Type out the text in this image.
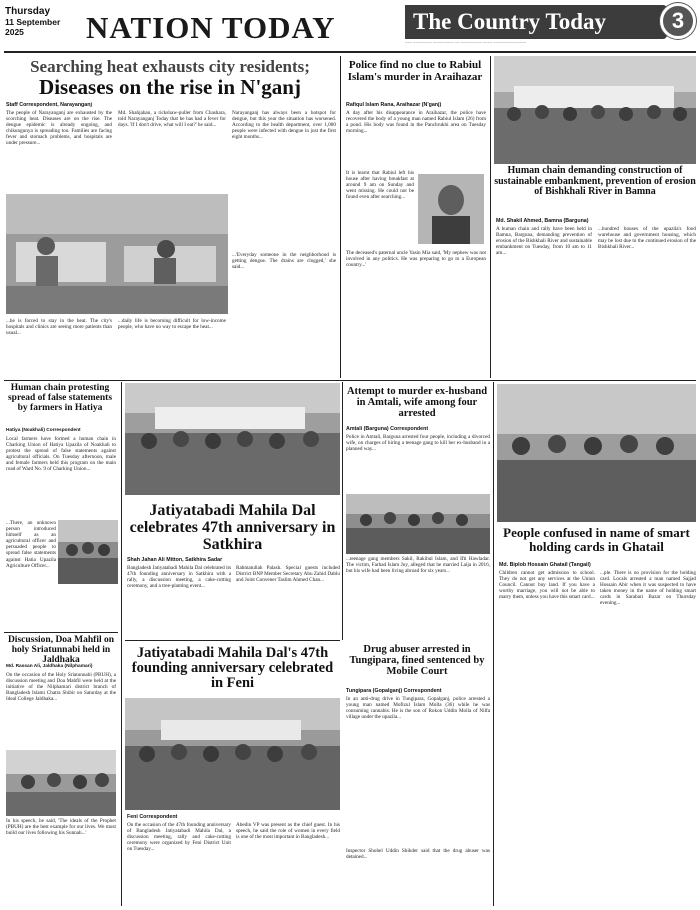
Thursday
11 September
2025	NATION TODAY	The Country Today	3
~~~ ~~~~~~~~ ~~~~~~~~~ ~~ ~~~~~~~~~ ~~~~ ~~~~~~~~~~~~~~
Searching heat exhausts city residents;
Diseases on the rise in N'ganj
Staff Correspondent, Narayanganj
The people of Narayanganj are exhausted by the scorching heat. Diseases are on the rise. The dengue epidemic is already ongoing, and chikungunya is spreading too. Families are facing fever and stomach problems, and hospitals are under pressure...
...he is forced to stay in the heat. The city's hospitals and clinics are seeing more patients than usual...
Md. Shahjahan, a rickshaw-puller from Chashara, told Narayanganj Today that he has had a fever for days. 'If I don't drive, what will I eat?' he said...
...daily life is becoming difficult for low-income people, who have no way to escape the heat...
Narayanganj has always been a hotspot for dengue, but this year the situation has worsened. According to the health department, over 1,000 people were infected with dengue in just the first eight months...
...'Everyday someone in the neighborhood is getting dengue. The drains are clogged,' she said...
Police find no clue to Rabiul Islam's murder in Araihazar
Rafiqul Islam Rana, Araihazar (N'ganj)
A day after his disappearance in Araihazar, the police have recovered the body of a young man named Rabiul Islam (26) from a pond. His body was found in the Panchrukhi area on Tuesday morning...
It is learnt that Rabiul left his house after having breakfast at around 9 am on Sunday and went missing. He could not be found even after searching...
The deceased's paternal uncle Yasin Mia said, 'My nephew was not involved in any politics. He was preparing to go to a European country...'
Human chain demanding construction of sustainable embankment, prevention of erosion of Bishkhali River in Bamna
Md. Shakil Ahmed, Bamna (Barguna)
A human chain and rally have been held in Bamna, Barguna, demanding prevention of erosion of the Bishkhali River and sustainable embankment on Tuesday, from 10 am to 11 am...
...hundred houses of the upazila's food warehouse and government housing, which may be lost due to the continued erosion of the Bishkhali River...
Human chain protesting spread of false statements by farmers in Hatiya
Hatiya (Noakhali) Correspondent
Local farmers have formed a human chain in Charking Union of Hatiya Upazila of Noakhali to protest the spread of false statements against agricultural officials. On Tuesday afternoon, male and female farmers held this program on the main road of Ward No. 9 of Charking Union...
...There, an unknown person introduced himself as an agricultural officer and persuaded people to spread false statements against Hatia Upazila Agriculture Officer...
Discussion, Doa Mahfil on holy Sriatunnabi held in Jaldhaka
Md. Rassan Ali, Jaldhaka (Nilphamari)
On the occasion of the Holy Sriatunnabi (PBUH), a discussion meeting and Doa Mahfil were held at the initiative of the Nilphamari district branch of Bangladesh Islami Chatra Shibir on Saturday at the Ideal College Jaldhaka...
In his speech, he said, 'The ideals of the Prophet (PBUH) are the best example for our lives. We must build our lives following his Sunnah...'
Jatiyatabadi Mahila Dal celebrates 47th anniversary in Satkhira
Shah Jahan Ali Mitton, Satkhira Sadar
Bangladesh Jatiyatabadi Mahila Dal celebrated its 47th founding anniversary in Satkhira with a rally, a discussion meeting, a cake-cutting ceremony, and a tree-planting event...
Rahmatullah Palash. Special guests included District BNP Member Secretary Abu Zahid Dablu and Joint Convener Taslim Ahmed Chan...
Attempt to murder ex-husband in Amtali, wife among four arrested
Amtali (Barguna) Correspondent
Police in Amtali, Barguna arrested four people, including a divorced wife, on charges of hiring a teenage gang to kill her ex-husband in a planned way...
...teenage gang members Sakil, Rakibul Islam, and Ifti Hawladar. The victim, Farhad Islam Joy, alleged that he married Laija in 2016, but his wife had been living abroad for six years...
People confused in name of smart holding cards in Ghatail
Md. Biplob Hossain Ghatail (Tangail)
Children cannot get admission to school. They do not get any services at the Union Council. Cannot buy land. If you have a worthy marriage, you will not be able to marry them, unless you have this smart card...
...ple. There is no provision for the holding card. Locals arrested a man named Sajjad Hossain Abir when it was suspected to have taken money in the name of holding smart cards in Sarabari Bazar on Thursday evening...
Drug abuser arrested in Tungipara, fined sentenced by Mobile Court
Tungipara (Gopalganj) Correspondent
In an anti-drug drive in Tungipara, Gopalganj, police arrested a young man named Mofizul Islam Molla (36) while he was consuming cannabis. He is the son of Rokon Uddin Molla of Nilfa village under the upazila...
Inspector Shohel Uddin Shikder said that the drug abuser was detained...
Jatiyatabadi Mahila Dal's 47th founding anniversary celebrated in Feni
Feni Correspondent
On the occasion of the 47th founding anniversary of Bangladesh Jatiyatabadi Mahila Dal, a discussion meeting, rally and cake-cutting ceremony were organized by Feni District Unit on Tuesday...
Abedin VP was present as the chief guest. In his speech, he said the role of women in every field is one of the most important in Bangladesh...
